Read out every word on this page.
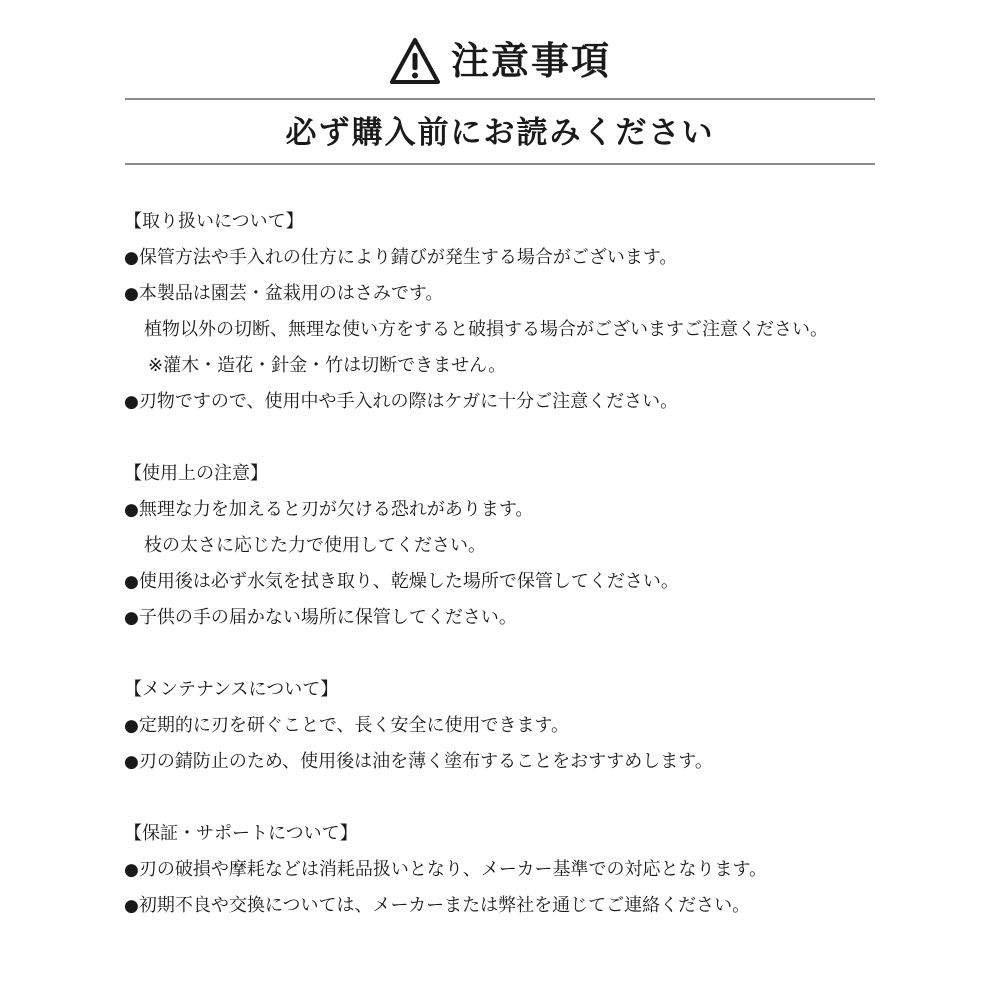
注意事項
必ず購入前にお読みください
【取り扱いについて】
●保管方法や手入れの仕方により錆びが発生する場合がございます。
●本製品は園芸・盆栽用のはさみです。
植物以外の切断、無理な使い方をすると破損する場合がございますご注意ください。
※灌木・造花・針金・竹は切断できません。
●刃物ですので、使用中や手入れの際はケガに十分ご注意ください。
【使用上の注意】
●無理な力を加えると刃が欠ける恐れがあります。
枝の太さに応じた力で使用してください。
●使用後は必ず水気を拭き取り、乾燥した場所で保管してください。
●子供の手の届かない場所に保管してください。
【メンテナンスについて】
●定期的に刃を研ぐことで、長く安全に使用できます。
●刃の錆防止のため、使用後は油を薄く塗布することをおすすめします。
【保証・サポートについて】
●刃の破損や摩耗などは消耗品扱いとなり、メーカー基準での対応となります。
●初期不良や交換については、メーカーまたは弊社を通じてご連絡ください。
